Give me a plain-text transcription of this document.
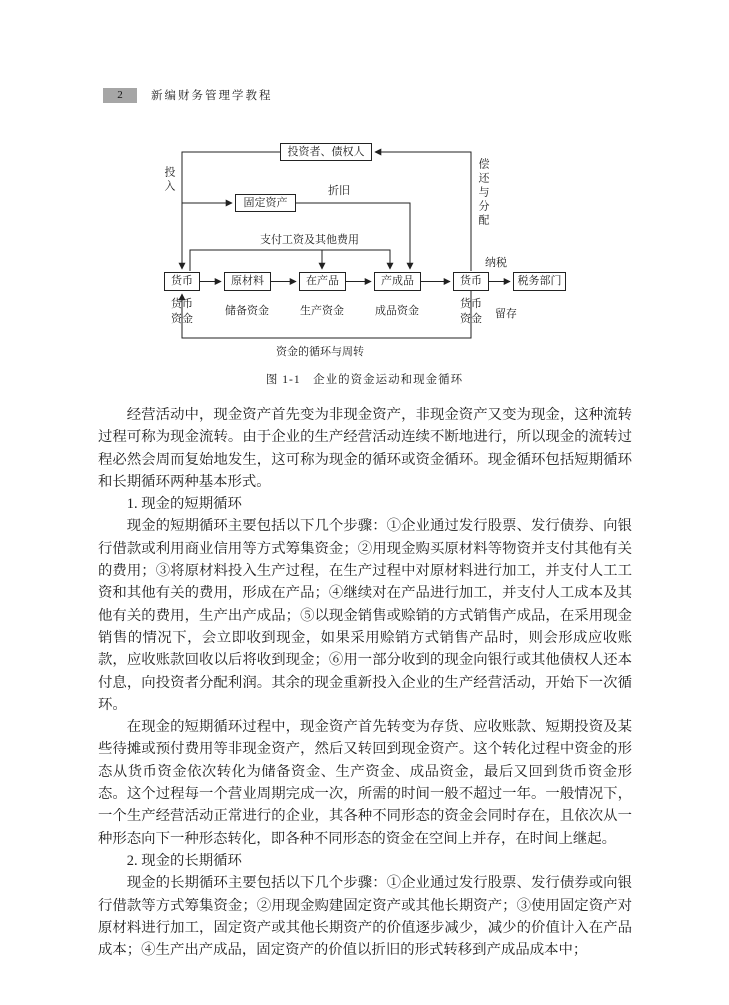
2	新编财务管理学教程
投资者、债权人
固定资产
货币	原材料	在产品	产成品	货币	税务部门
投入	折旧	偿还与分配
支付工资及其他费用
纳税
货币资金
储备资金	生产资金	成品资金
货币资金 留存
资金的循环与周转
图 1-1　企业的资金运动和现金循环

经营活动中，现金资产首先变为非现金资产，非现金资产又变为现金，这种流转过程可称为现金流转。由于企业的生产经营活动连续不断地进行，所以现金的流转过程必然会周而复始地发生，这可称为现金的循环或资金循环。现金循环包括短期循环和长期循环两种基本形式。

1. 现金的短期循环

现金的短期循环主要包括以下几个步骤：①企业通过发行股票、发行债券、向银行借款或利用商业信用等方式筹集资金；②用现金购买原材料等物资并支付其他有关的费用；③将原材料投入生产过程，在生产过程中对原材料进行加工，并支付人工工资和其他有关的费用，形成在产品；④继续对在产品进行加工，并支付人工成本及其他有关的费用，生产出产成品；⑤以现金销售或赊销的方式销售产成品，在采用现金销售的情况下，会立即收到现金，如果采用赊销方式销售产品时，则会形成应收账款，应收账款回收以后将收到现金；⑥用一部分收到的现金向银行或其他债权人还本付息，向投资者分配利润。其余的现金重新投入企业的生产经营活动，开始下一次循环。

在现金的短期循环过程中，现金资产首先转变为存货、应收账款、短期投资及某些待摊或预付费用等非现金资产，然后又转回到现金资产。这个转化过程中资金的形态从货币资金依次转化为储备资金、生产资金、成品资金，最后又回到货币资金形态。这个过程每一个营业周期完成一次，所需的时间一般不超过一年。一般情况下，一个生产经营活动正常进行的企业，其各种不同形态的资金会同时存在，且依次从一种形态向下一种形态转化，即各种不同形态的资金在空间上并存，在时间上继起。

2. 现金的长期循环

现金的长期循环主要包括以下几个步骤：①企业通过发行股票、发行债券或向银行借款等方式筹集资金；②用现金购建固定资产或其他长期资产；③使用固定资产对原材料进行加工，固定资产或其他长期资产的价值逐步减少，减少的价值计入在产品成本；④生产出产成品，固定资产的价值以折旧的形式转移到产成品成本中；
